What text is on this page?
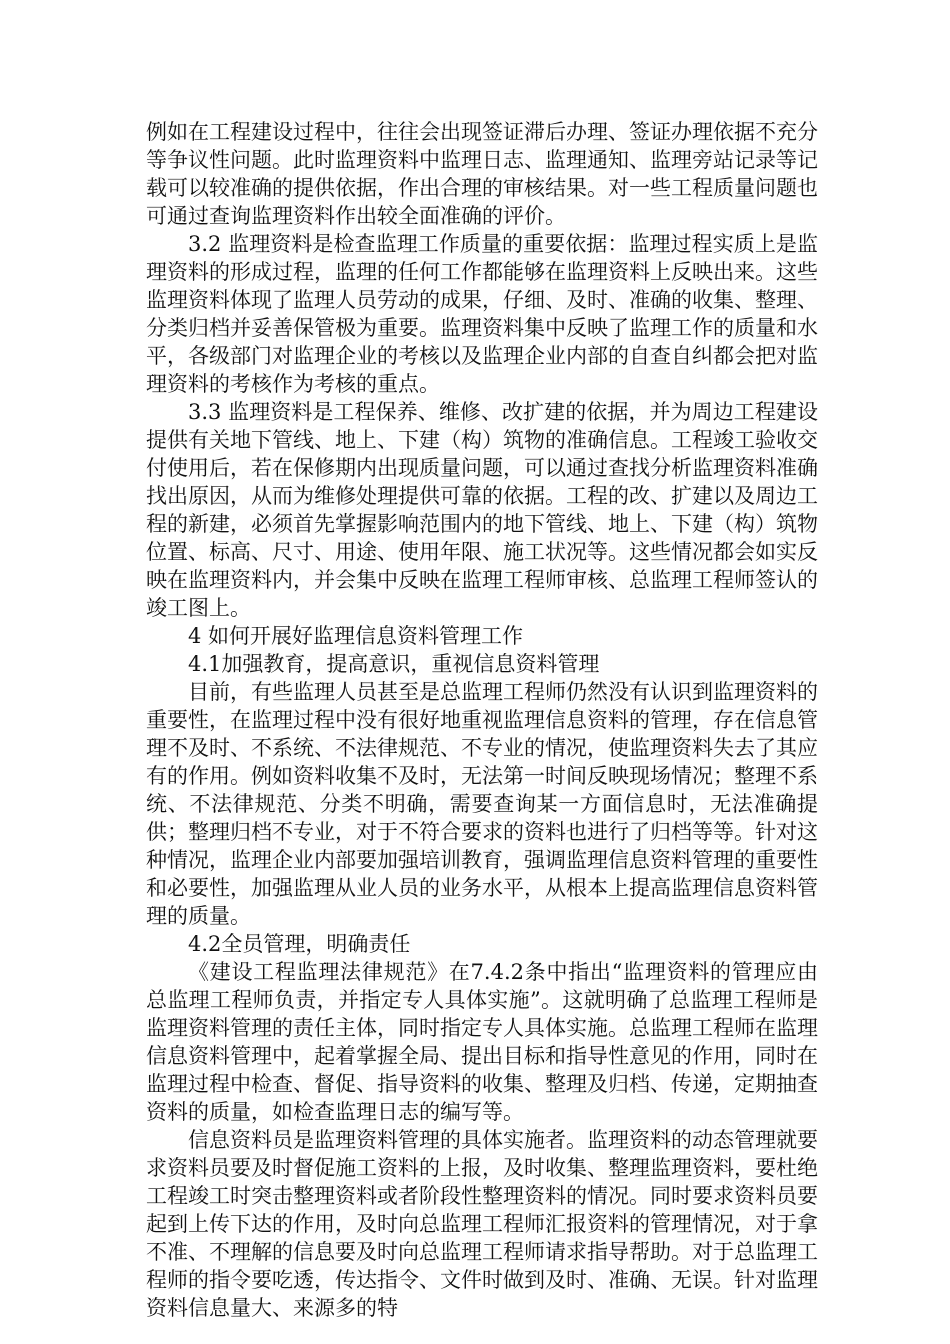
例如在工程建设过程中，往往会出现签证滞后办理、签证办理依据不充分等争议性问题。此时监理资料中监理日志、监理通知、监理旁站记录等记载可以较准确的提供依据，作出合理的审核结果。对一些工程质量问题也可通过查询监理资料作出较全面准确的评价。

3.2 监理资料是检查监理工作质量的重要依据：监理过程实质上是监理资料的形成过程，监理的任何工作都能够在监理资料上反映出来。这些监理资料体现了监理人员劳动的成果，仔细、及时、准确的收集、整理、分类归档并妥善保管极为重要。监理资料集中反映了监理工作的质量和水平，各级部门对监理企业的考核以及监理企业内部的自查自纠都会把对监理资料的考核作为考核的重点。

3.3 监理资料是工程保养、维修、改扩建的依据，并为周边工程建设提供有关地下管线、地上、下建（构）筑物的准确信息。工程竣工验收交付使用后，若在保修期内出现质量问题，可以通过查找分析监理资料准确找出原因，从而为维修处理提供可靠的依据。工程的改、扩建以及周边工程的新建，必须首先掌握影响范围内的地下管线、地上、下建（构）筑物位置、标高、尺寸、用途、使用年限、施工状况等。这些情况都会如实反映在监理资料内，并会集中反映在监理工程师审核、总监理工程师签认的竣工图上。

4 如何开展好监理信息资料管理工作

4.1加强教育，提高意识，重视信息资料管理

目前，有些监理人员甚至是总监理工程师仍然没有认识到监理资料的重要性，在监理过程中没有很好地重视监理信息资料的管理，存在信息管理不及时、不系统、不法律规范、不专业的情况，使监理资料失去了其应有的作用。例如资料收集不及时，无法第一时间反映现场情况；整理不系统、不法律规范、分类不明确，需要查询某一方面信息时，无法准确提供；整理归档不专业，对于不符合要求的资料也进行了归档等等。针对这种情况，监理企业内部要加强培训教育，强调监理信息资料管理的重要性和必要性，加强监理从业人员的业务水平，从根本上提高监理信息资料管理的质量。

4.2全员管理，明确责任

《建设工程监理法律规范》在7.4.2条中指出“监理资料的管理应由总监理工程师负责，并指定专人具体实施”。这就明确了总监理工程师是监理资料管理的责任主体，同时指定专人具体实施。总监理工程师在监理信息资料管理中，起着掌握全局、提出目标和指导性意见的作用，同时在监理过程中检查、督促、指导资料的收集、整理及归档、传递，定期抽查资料的质量，如检查监理日志的编写等。

信息资料员是监理资料管理的具体实施者。监理资料的动态管理就要求资料员要及时督促施工资料的上报，及时收集、整理监理资料，要杜绝工程竣工时突击整理资料或者阶段性整理资料的情况。同时要求资料员要起到上传下达的作用，及时向总监理工程师汇报资料的管理情况，对于拿不准、不理解的信息要及时向总监理工程师请求指导帮助。对于总监理工程师的指令要吃透，传达指令、文件时做到及时、准确、无误。针对监理资料信息量大、来源多的特
